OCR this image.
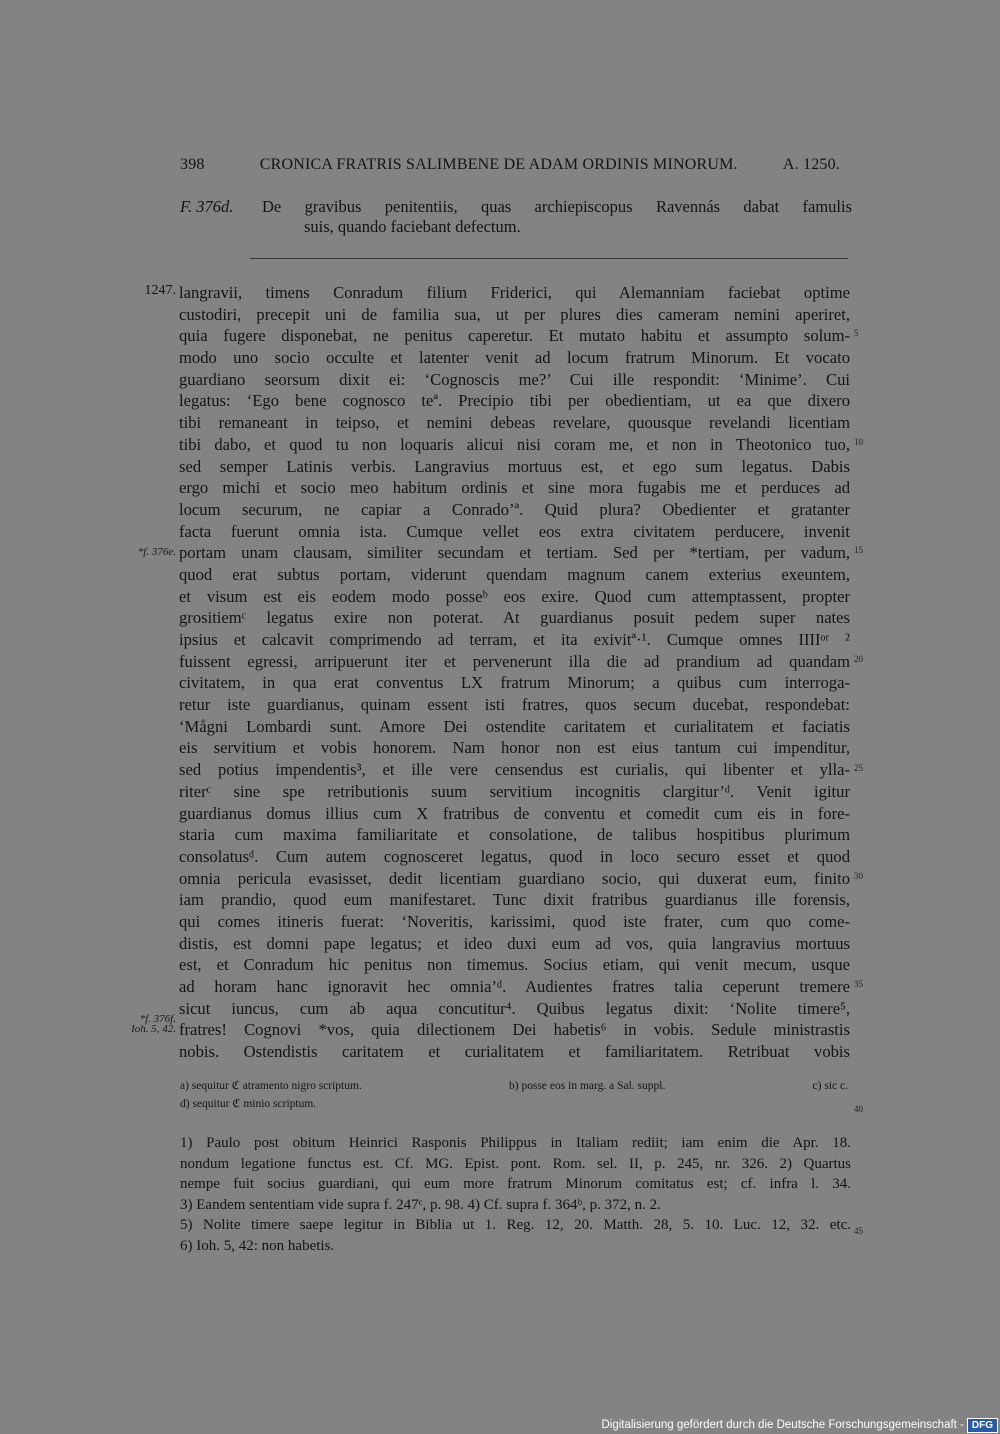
398	CRONICA FRATRIS SALIMBENE DE ADAM ORDINIS MINORUM.	A. 1250.
F. 376d.	De gravibus penitentiis, quas archiepiscopus Ravennás dabat famulis
suis, quando faciebant defectum.
1247.
*f. 376e.
*f. 376f.
Ioh. 5, 42.
5
10
15
20
25
30
35
40
45
langravii, timens Conradum filium Friderici, qui Alemanniam faciebat optime
custodiri, precepit uni de familia sua, ut per plures dies cameram nemini aperiret,
quia fugere disponebat, ne penitus caperetur. Et mutato habitu et assumpto solum-
modo uno socio occulte et latenter venit ad locum fratrum Minorum. Et vocato
guardiano seorsum dixit ei: ‘Cognoscis me?’ Cui ille respondit: ‘Minime’. Cui
legatus: ‘Ego bene cognosco teª. Precipio tibi per obedientiam, ut ea que dixero
tibi remaneant in teipso, et nemini debeas revelare, quousque revelandi licentiam
tibi dabo, et quod tu non loquaris alicui nisi coram me, et non in Theotonico tuo,
sed semper Latinis verbis. Langravius mortuus est, et ego sum legatus. Dabis
ergo michi et socio meo habitum ordinis et sine mora fugabis me et perduces ad
locum securum, ne capiar a Conrado’ª. Quid plura? Obedienter et gratanter
facta fuerunt omnia ista. Cumque vellet eos extra civitatem perducere, invenit
portam unam clausam, similiter secundam et tertiam. Sed per *tertiam, per vadum,
quod erat subtus portam, viderunt quendam magnum canem exterius exeuntem,
et visum est eis eodem modo posseᵇ eos exire. Quod cum attemptassent, propter
grositiemᶜ legatus exire non poterat. At guardianus posuit pedem super nates
ipsius et calcavit comprimendo ad terram, et ita exivitª·¹. Cumque omnes IIIIᵒʳ ²
fuissent egressi, arripuerunt iter et pervenerunt illa die ad prandium ad quandam
civitatem, in qua erat conventus LX fratrum Minorum; a quibus cum interroga-
retur iste guardianus, quinam essent isti fratres, quos secum ducebat, respondebat:
‘Mågni Lombardi sunt. Amore Dei ostendite caritatem et curialitatem et faciatis
eis servitium et vobis honorem. Nam honor non est eius tantum cui impenditur,
sed potius impendentis³, et ille vere censendus est curialis, qui libenter et ylla-
riterᶜ sine spe retributionis suum servitium incognitis clargitur’ᵈ. Venit igitur
guardianus domus illius cum X fratribus de conventu et comedit cum eis in fore-
staria cum maxima familiaritate et consolatione, de talibus hospitibus plurimum
consolatusᵈ. Cum autem cognosceret legatus, quod in loco securo esset et quod
omnia pericula evasisset, dedit licentiam guardiano socio, qui duxerat eum, finito
iam prandio, quod eum manifestaret. Tunc dixit fratribus guardianus ille forensis,
qui comes itineris fuerat: ‘Noveritis, karissimi, quod iste frater, cum quo come-
distis, est domni pape legatus; et ideo duxi eum ad vos, quia langravius mortuus
est, et Conradum hic penitus non timemus. Socius etiam, qui venit mecum, usque
ad horam hanc ignoravit hec omnia’ᵈ. Audientes fratres talia ceperunt tremere
sicut iuncus, cum ab aqua concutitur⁴. Quibus legatus dixit: ‘Nolite timere⁵,
fratres! Cognovi *vos, quia dilectionem Dei habetis⁶ in vobis. Sedule ministrastis
nobis. Ostendistis caritatem et curialitatem et familiaritatem. Retribuat vobis
a) sequitur ℭ atramento nigro scriptum.	b) posse eos in marg. a Sal. suppl.	c) sic c.
d) sequitur ℭ minio scriptum.
1) Paulo post obitum Heinrici Rasponis Philippus in Italiam rediit; iam enim die Apr. 18.
nondum legatione functus est. Cf. MG. Epist. pont. Rom. sel. II, p. 245, nr. 326. 2) Quartus
nempe fuit socius guardiani, qui eum more fratrum Minorum comitatus est; cf. infra l. 34.
3) Eandem sententiam vide supra f. 247ᶜ, p. 98. 4) Cf. supra f. 364ᵇ, p. 372, n. 2.
5) Nolite timere saepe legitur in Biblia ut 1. Reg. 12, 20. Matth. 28, 5. 10. Luc. 12, 32. etc.
6) Ioh. 5, 42: non habetis.
Digitalisierung gefördert durch die Deutsche Forschungsgemeinschaft - DFG
